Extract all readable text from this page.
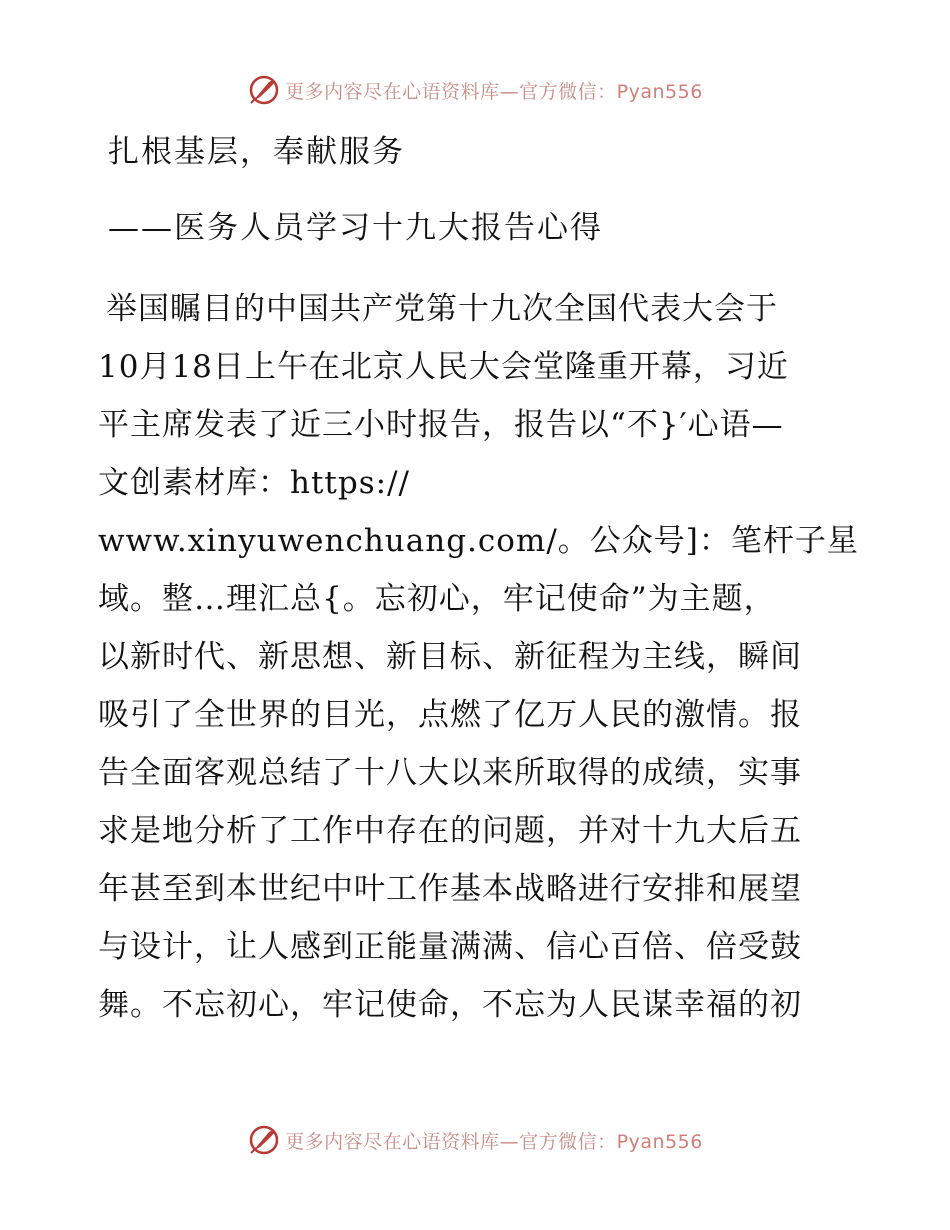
更多内容尽在心语资料库—官方微信：Pyan556
扎根基层，奉献服务
——医务人员学习十九大报告心得
举国瞩目的中国共产党第十九次全国代表大会于
10月18日上午在北京人民大会堂隆重开幕，习近
平主席发表了近三小时报告，报告以“不}′心语—
文创素材库：https://
www.xinyuwenchuang.com/。公众号]：笔杆子星
域。整…理汇总{。忘初心，牢记使命”为主题，
以新时代、新思想、新目标、新征程为主线，瞬间
吸引了全世界的目光，点燃了亿万人民的激情。报
告全面客观总结了十八大以来所取得的成绩，实事
求是地分析了工作中存在的问题，并对十九大后五
年甚至到本世纪中叶工作基本战略进行安排和展望
与设计，让人感到正能量满满、信心百倍、倍受鼓
舞。不忘初心，牢记使命，不忘为人民谋幸福的初
更多内容尽在心语资料库—官方微信：Pyan556
